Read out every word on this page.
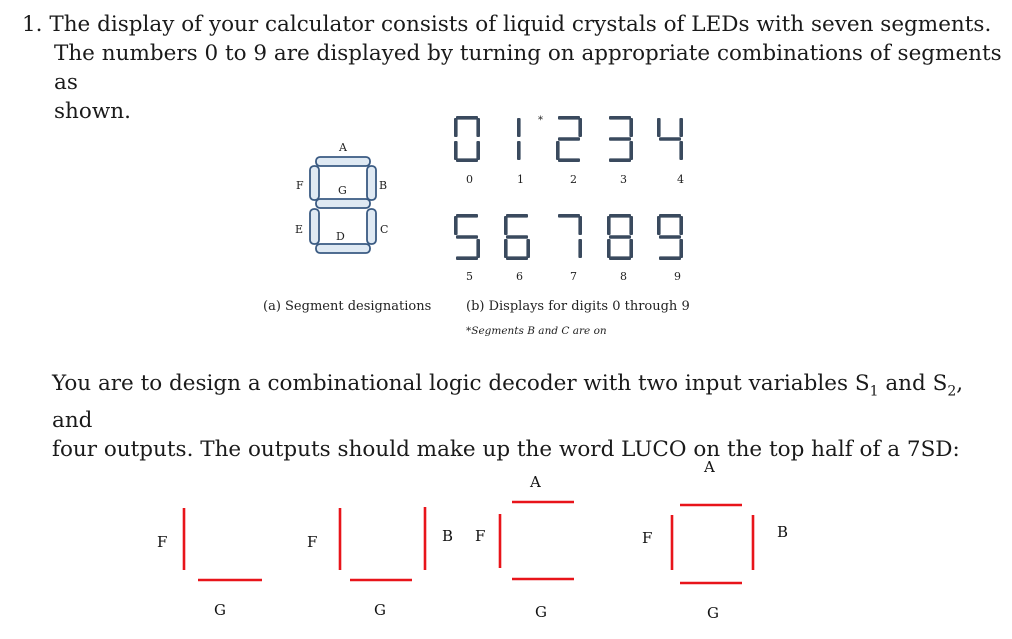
1. The display of your calculator consists of liquid crystals of LEDs with seven segments.
The numbers 0 to 9 are displayed by turning on appropriate combinations of segments as
shown.

A
F	B
G
E	C
D
(a) Segment designations
0	1	2	3	4
5	6	7	8	9
*
(b) Displays for digits 0 through 9
*Segments B and C are on
F
G
F
G
B F
A
G
A
F	B
G

You are to design a combinational logic decoder with two input variables $S_1$ and $S_2$, and
four outputs. The outputs should make up the word LUCO on the top half of a 7SD:
